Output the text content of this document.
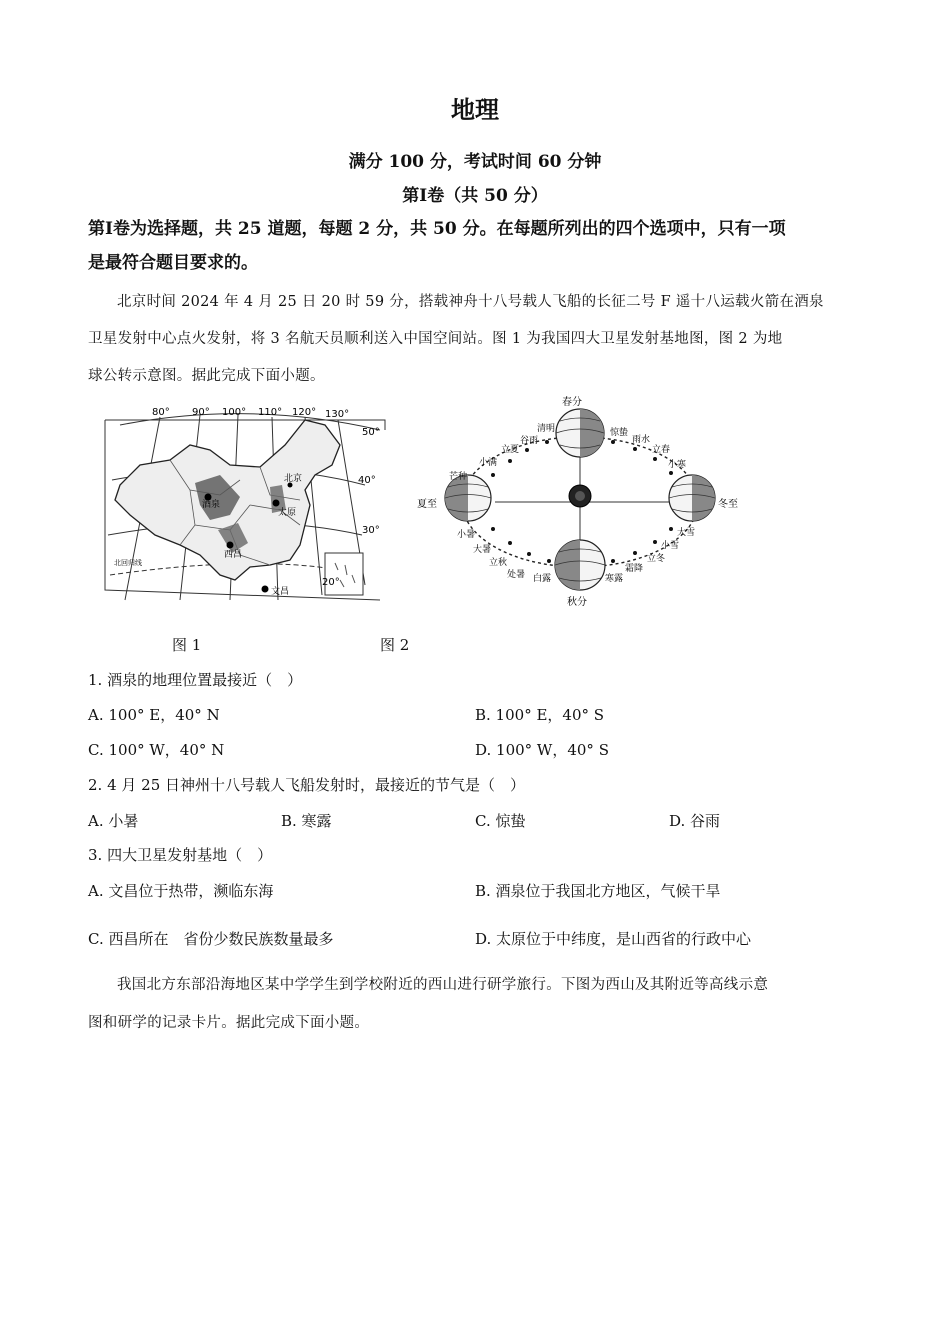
地理
满分 100 分，考试时间 60 分钟
第Ⅰ卷（共 50 分）
第Ⅰ卷为选择题，共 25 道题，每题 2 分，共 50 分。在每题所列出的四个选项中，只有一项
是最符合题目要求的。
北京时间 2024 年 4 月 25 日 20 时 59 分，搭载神舟十八号载人飞船的长征二号 F 遥十八运载火箭在酒泉
卫星发射中心点火发射，将 3 名航天员顺利送入中国空间站。图 1 为我国四大卫星发射基地图，图 2 为地
球公转示意图。据此完成下面小题。
80° 90° 100° 110° 120° 130°
50°
40°
30°
20°
酒泉
太原
西昌
文昌
北京
北回归线
春分
夏至
秋分
冬至
芒种
小满
立夏
谷雨
清明	惊蛰
雨水
立春
小寒
小暑
大暑
立秋
处暑 白露	寒露
霜降
立冬
小雪
大雪
图 1	图 2
1. 酒泉的地理位置最接近（　）
A. 100° E，40° N	B. 100° E，40° S
C. 100° W，40° N	D. 100° W，40° S
2. 4 月 25 日神州十八号载人飞船发射时，最接近的节气是（　）
A. 小暑	B. 寒露	C. 惊蛰	D. 谷雨
3. 四大卫星发射基地（　）
A. 文昌位于热带，濒临东海	B. 酒泉位于我国北方地区，气候干旱
C. 西昌所在　省份少数民族数量最多	D. 太原位于中纬度，是山西省的行政中心
我国北方东部沿海地区某中学学生到学校附近的西山进行研学旅行。下图为西山及其附近等高线示意
图和研学的记录卡片。据此完成下面小题。
